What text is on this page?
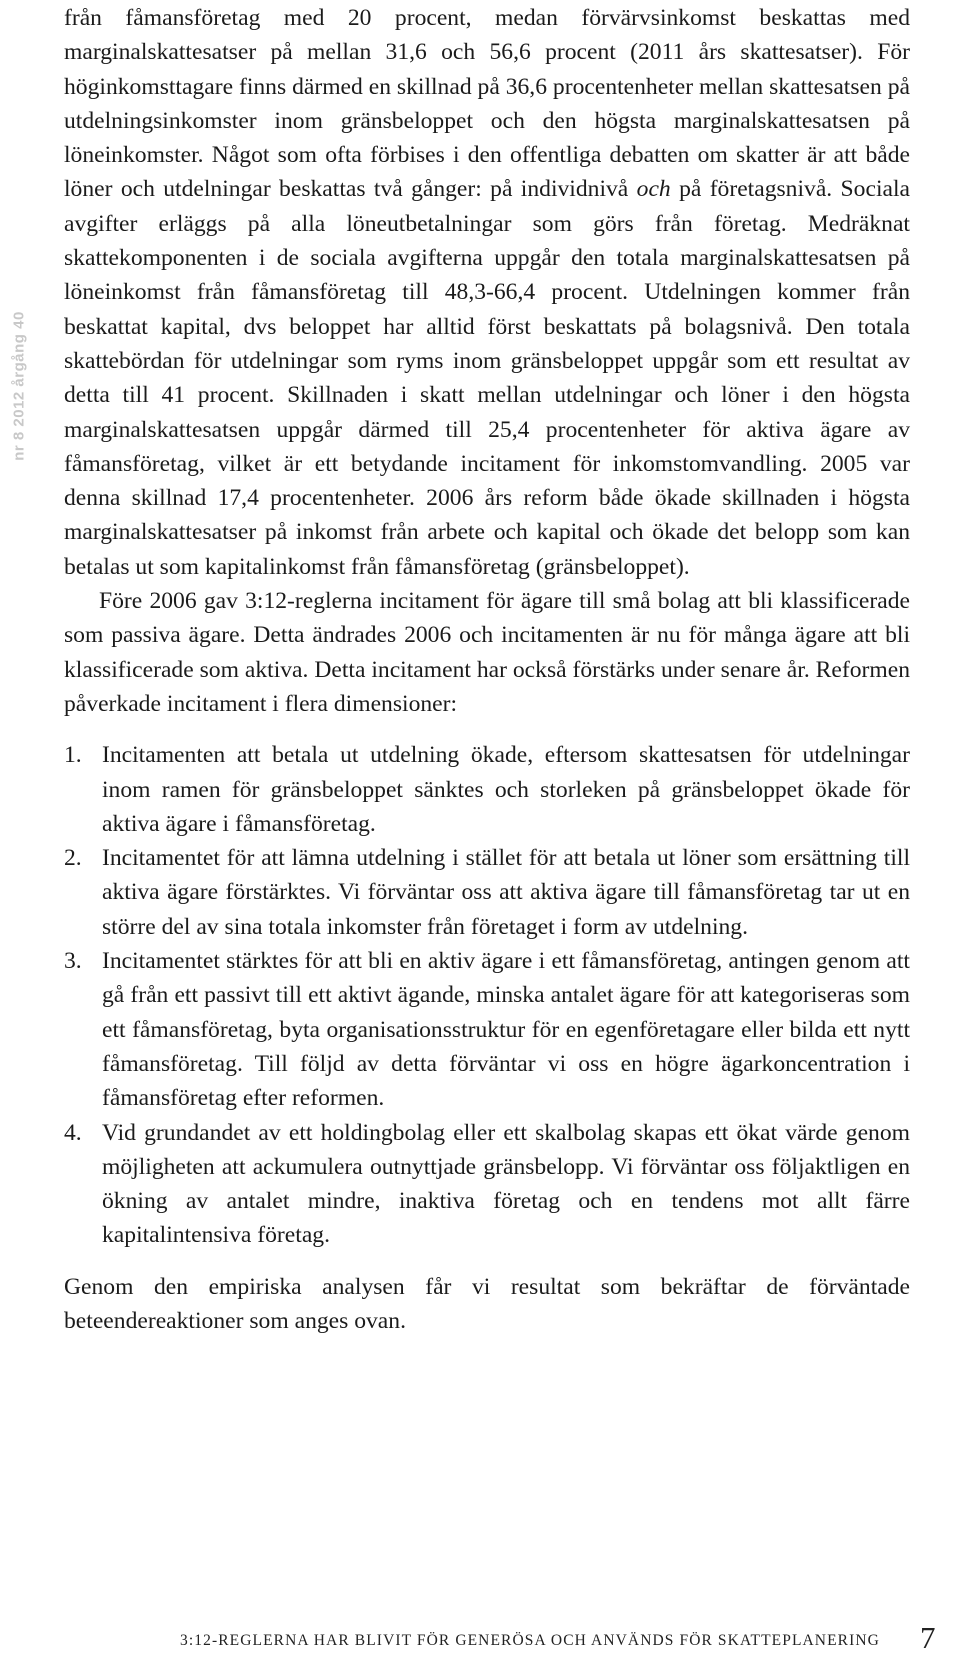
nr 8 2012 årgång 40

från fåmansföretag med 20 procent, medan förvärvsinkomst beskattas med marginalskattesatser på mellan 31,6 och 56,6 procent (2011 års skattesatser). För höginkomsttagare finns därmed en skillnad på 36,6 procentenheter mellan skattesatsen på utdelningsinkomster inom gränsbeloppet och den högsta marginalskattesatsen på löneinkomster. Något som ofta förbises i den offentliga debatten om skatter är att både löner och utdelningar beskattas två gånger: på individnivå och på företagsnivå. Sociala avgifter erläggs på alla löneutbetalningar som görs från företag. Medräknat skattekomponenten i de sociala avgifterna uppgår den totala marginalskattesatsen på löneinkomst från fåmansföretag till 48,3-66,4 procent. Utdelningen kommer från beskattat kapital, dvs beloppet har alltid först beskattats på bolagsnivå. Den totala skattebördan för utdelningar som ryms inom gränsbeloppet uppgår som ett resultat av detta till 41 procent. Skillnaden i skatt mellan utdelningar och löner i den högsta marginalskattesatsen uppgår därmed till 25,4 procentenheter för aktiva ägare av fåmansföretag, vilket är ett betydande incitament för inkomstomvandling. 2005 var denna skillnad 17,4 procentenheter. 2006 års reform både ökade skillnaden i högsta marginalskattesatser på inkomst från arbete och kapital och ökade det belopp som kan betalas ut som kapitalinkomst från fåmansföretag (gränsbeloppet).

Före 2006 gav 3:12-reglerna incitament för ägare till små bolag att bli klassificerade som passiva ägare. Detta ändrades 2006 och incitamenten är nu för många ägare att bli klassificerade som aktiva. Detta incitament har också förstärks under senare år. Reformen påverkade incitament i flera dimensioner:

1. Incitamenten att betala ut utdelning ökade, eftersom skattesatsen för utdelningar inom ramen för gränsbeloppet sänktes och storleken på gränsbeloppet ökade för aktiva ägare i fåmansföretag.
2. Incitamentet för att lämna utdelning i stället för att betala ut löner som ersättning till aktiva ägare förstärktes. Vi förväntar oss att aktiva ägare till fåmansföretag tar ut en större del av sina totala inkomster från företaget i form av utdelning.
3. Incitamentet stärktes för att bli en aktiv ägare i ett fåmansföretag, antingen genom att gå från ett passivt till ett aktivt ägande, minska antalet ägare för att kategoriseras som ett fåmansföretag, byta organisationsstruktur för en egenföretagare eller bilda ett nytt fåmansföretag. Till följd av detta förväntar vi oss en högre ägarkoncentration i fåmansföretag efter reformen.
4. Vid grundandet av ett holdingbolag eller ett skalbolag skapas ett ökat värde genom möjligheten att ackumulera outnyttjade gränsbelopp. Vi förväntar oss följaktligen en ökning av antalet mindre, inaktiva företag och en tendens mot allt färre kapitalintensiva företag.

Genom den empiriska analysen får vi resultat som bekräftar de förväntade beteendereaktioner som anges ovan.

3:12-REGLERNA HAR BLIVIT FÖR GENERÖSA OCH ANVÄNDS FÖR SKATTEPLANERING 7
